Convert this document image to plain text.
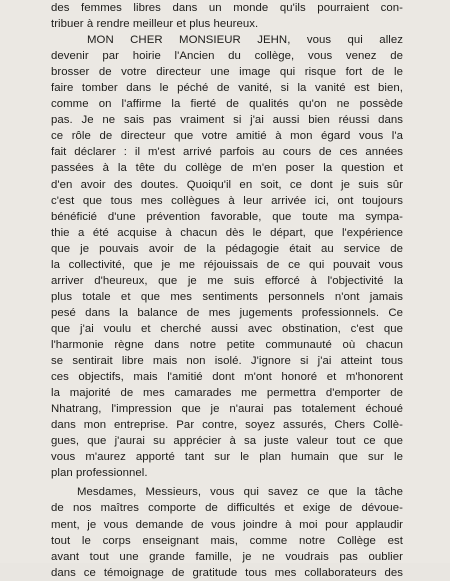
des femmes libres dans un monde qu'ils pourraient con-
tribuer à rendre meilleur et plus heureux.
MON CHER MONSIEUR JEHN, vous qui allez
devenir par hoirie l'Ancien du collège, vous venez de
brosser de votre directeur une image qui risque fort de le
faire tomber dans le péché de vanité, si la vanité est bien,
comme on l'affirme la fierté de qualités qu'on ne possède
pas. Je ne sais pas vraiment si j'ai aussi bien réussi dans
ce rôle de directeur que votre amitié à mon égard vous l'a
fait déclarer : il m'est arrivé parfois au cours de ces années
passées à la tête du collège de m'en poser la question et
d'en avoir des doutes. Quoiqu'il en soit, ce dont je suis sûr
c'est que tous mes collègues à leur arrivée ici, ont toujours
bénéficié d'une prévention favorable, que toute ma sympa-
thie a été acquise à chacun dès le départ, que l'expérience
que je pouvais avoir de la pédagogie était au service de
la collectivité, que je me réjouissais de ce qui pouvait vous
arriver d'heureux, que je me suis efforcé à l'objectivité la
plus totale et que mes sentiments personnels n'ont jamais
pesé dans la balance de mes jugements professionnels. Ce
que j'ai voulu et cherché aussi avec obstination, c'est que
l'harmonie règne dans notre petite communauté où chacun
se sentirait libre mais non isolé. J'ignore si j'ai atteint tous
ces objectifs, mais l'amitié dont m'ont honoré et m'honorent
la majorité de mes camarades me permettra d'emporter de
Nhatrang, l'impression que je n'aurai pas totalement échoué
dans mon entreprise. Par contre, soyez assurés, Chers Collè-
gues, que j'aurai su apprécier à sa juste valeur tout ce que
vous m'aurez apporté tant sur le plan humain que sur le
plan professionnel.
Mesdames, Messieurs, vous qui savez ce que la tâche
de nos maîtres comporte de difficultés et exige de dévoue-
ment, je vous demande de vous joindre à moi pour applaudir
tout le corps enseignant mais, comme notre Collège est
avant tout une grande famille, je ne voudrais pas oublier
dans ce témoignage de gratitude tous mes collaborateurs des
